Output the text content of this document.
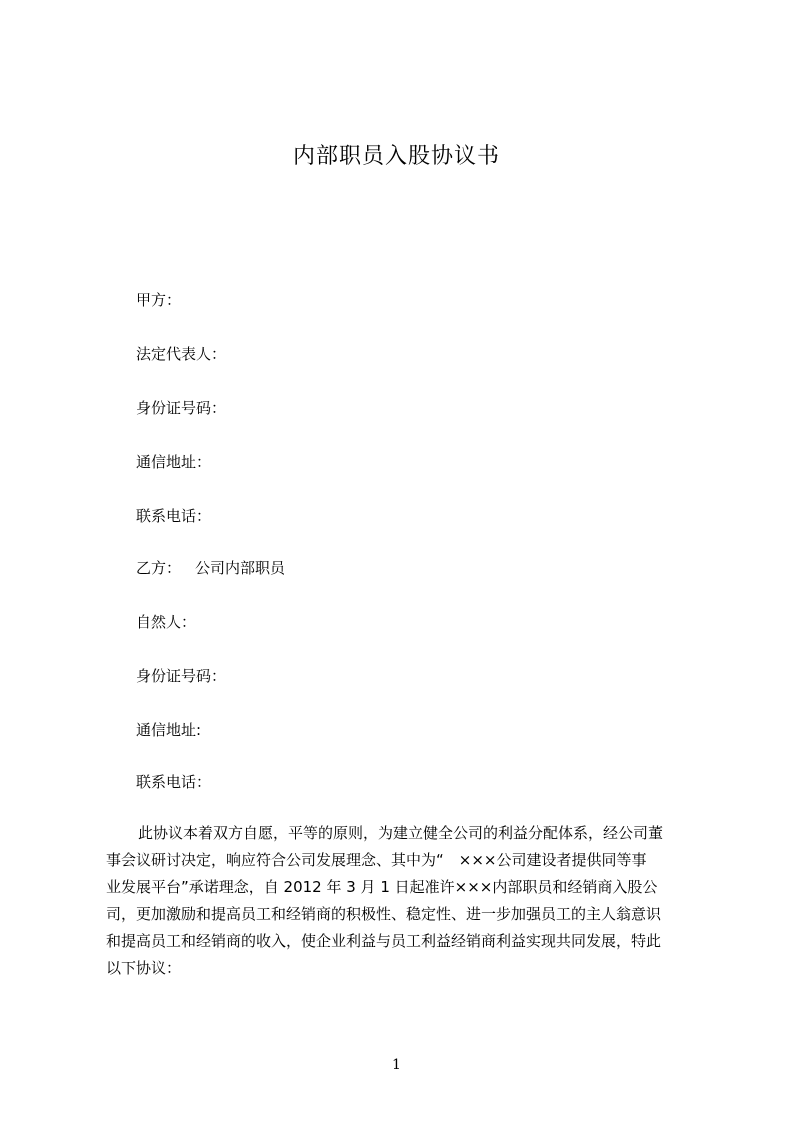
内部职员入股协议书
甲方：
法定代表人：
身份证号码：
通信地址：
联系电话：
乙方： 公司内部职员
自然人：
身份证号码：
通信地址:
联系电话：
此协议本着双方自愿，平等的原则，为建立健全公司的利益分配体系，经公司董
事会议研讨决定，响应符合公司发展理念、其中为“　×××公司建设者提供同等事
业发展平台”承诺理念，自 2012 年 3 月 1 日起准许×××内部职员和经销商入股公
司，更加激励和提高员工和经销商的积极性、稳定性、进一步加强员工的主人翁意识
和提高员工和经销商的收入，使企业利益与员工利益经销商利益实现共同发展，特此
以下协议：
1
